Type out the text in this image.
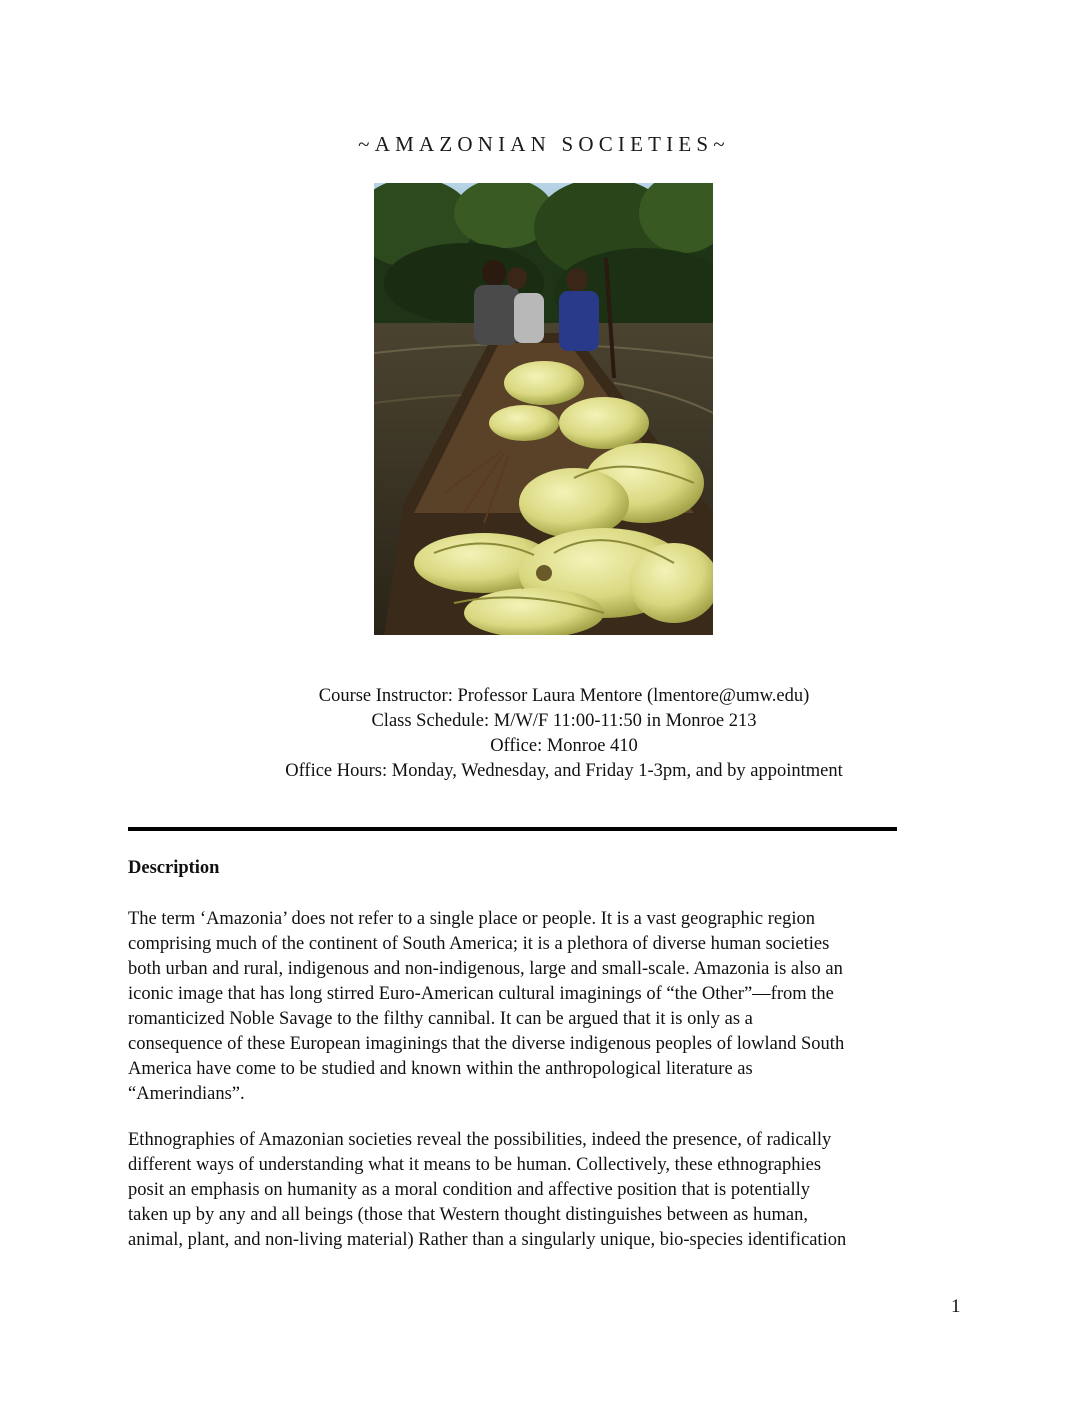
~AMAZONIAN SOCIETIES~
Course Instructor: Professor Laura Mentore (lmentore@umw.edu)
Class Schedule: M/W/F 11:00-11:50 in Monroe 213
Office: Monroe 410
Office Hours: Monday, Wednesday, and Friday 1-3pm, and by appointment
Description
The term ‘Amazonia’ does not refer to a single place or people. It is a vast geographic region
comprising much of the continent of South America; it is a plethora of diverse human societies
both urban and rural, indigenous and non-indigenous, large and small-scale. Amazonia is also an
iconic image that has long stirred Euro-American cultural imaginings of “the Other”—from the
romanticized Noble Savage to the filthy cannibal. It can be argued that it is only as a
consequence of these European imaginings that the diverse indigenous peoples of lowland South
America have come to be studied and known within the anthropological literature as
“Amerindians”.
Ethnographies of Amazonian societies reveal the possibilities, indeed the presence, of radically
different ways of understanding what it means to be human. Collectively, these ethnographies
posit an emphasis on humanity as a moral condition and affective position that is potentially
taken up by any and all beings (those that Western thought distinguishes between as human,
animal, plant, and non-living material) Rather than a singularly unique, bio-species identification
1
